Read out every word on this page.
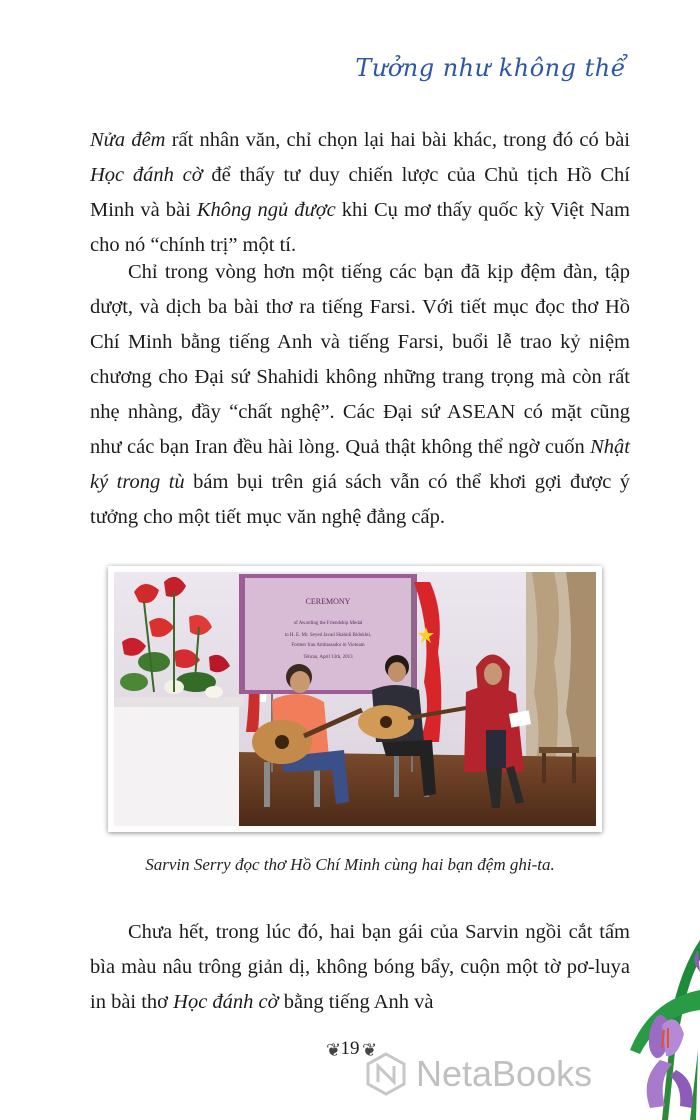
Tưởng như không thể

Nửa đêm rất nhân văn, chỉ chọn lại hai bài khác, trong đó có bài Học đánh cờ để thấy tư duy chiến lược của Chủ tịch Hồ Chí Minh và bài Không ngủ được khi Cụ mơ thấy quốc kỳ Việt Nam cho nó “chính trị” một tí.

Chỉ trong vòng hơn một tiếng các bạn đã kịp đệm đàn, tập dượt, và dịch ba bài thơ ra tiếng Farsi. Với tiết mục đọc thơ Hồ Chí Minh bằng tiếng Anh và tiếng Farsi, buổi lễ trao kỷ niệm chương cho Đại sứ Shahidi không những trang trọng mà còn rất nhẹ nhàng, đầy “chất nghệ”. Các Đại sứ ASEAN có mặt cũng như các bạn Iran đều hài lòng. Quả thật không thể ngờ cuốn Nhật ký trong tù bám bụi trên giá sách vẫn có thể khơi gợi được ý tưởng cho một tiết mục văn nghệ đẳng cấp.

CEREMONY
of Awarding the Friendship Medal
to H. E. Mr. Seyed Javad Shahidi Bidokhti,
Former Iran Ambassador in Vietnam
Tehran, April 13th, 2013
Sarvin Serry đọc thơ Hồ Chí Minh cùng hai bạn đệm ghi-ta.

Chưa hết, trong lúc đó, hai bạn gái của Sarvin ngồi cắt tấm bìa màu nâu trông giản dị, không bóng bẩy, cuộn một tờ pơ-luya in bài thơ Học đánh cờ bằng tiếng Anh và

❦ 19 ❦
NetaBooks
